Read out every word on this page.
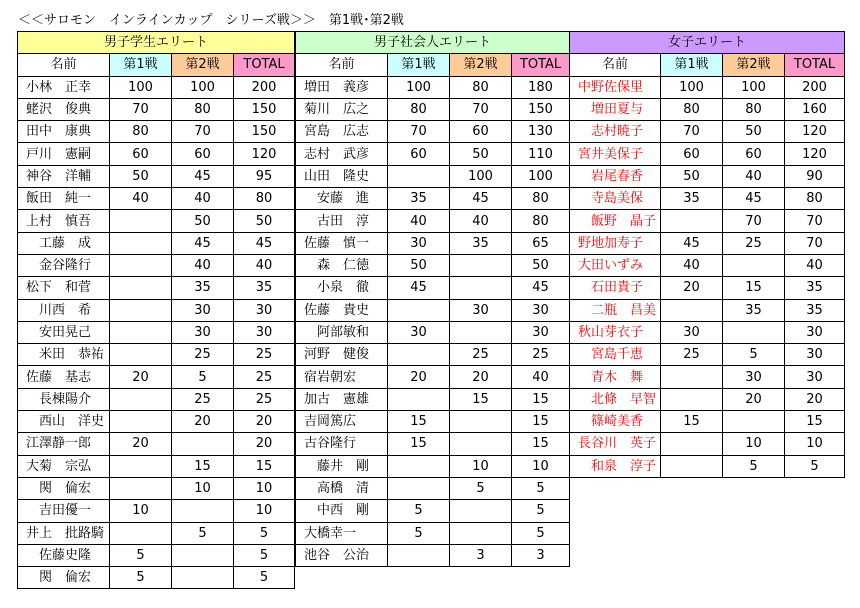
＜＜サロモン　インラインカップ　シリーズ戦＞＞　第1戦･第2戦
男子学生エリート			
名前	第1戦	第2戦	TOTAL
小林　正幸	100	100	200
蛯沢　俊典	70	80	150
田中　康典	80	70	150
戸川　憲嗣	60	60	120
神谷　洋輔	50	45	95
飯田　純一	40	40	80
上村　慎吾		50	50
　工藤　成		45	45
　金谷隆行		40	40
松下　和菅		35	35
　川西　希		30	30
　安田晃己		30	30
　米田　恭祐		25	25
佐藤　基志	20	5	25
　長棟陽介		25	25
　西山　洋史		20	20
江澤静一郎	20		20
大菊　宗弘		15	15
　関　倫宏		10	10
　吉田優一	10		10
井上　批路騎		5	5
　佐藤史隆	5		5
　関　倫宏	5		5
男子社会人エリート			
名前	第1戦	第2戦	TOTAL
増田　義彦	100	80	180
菊川　広之	80	70	150
宮島　広志	70	60	130
志村　武彦	60	50	110
山田　隆史		100	100
　安藤　進	35	45	80
　古田　淳	40	40	80
佐藤　慎一	30	35	65
　森　仁徳	50		50
　小泉　徹	45		45
佐藤　貴史		30	30
　阿部敏和	30		30
河野　健俊		25	25
宿岩朝宏	20	20	40
加古　憲雄		15	15
吉岡篤広	15		15
古谷隆行	15		15
　藤井　剛		10	10
　高橋　清		5	5
　中西　剛	5		5
大橋幸一	5		5
池谷　公治		3	3
女子エリート			
名前	第1戦	第2戦	TOTAL
中野佐保里	100	100	200
　増田夏与	80	80	160
　志村暁子	70	50	120
宮井美保子	60	60	120
　岩尾春香	50	40	90
　寺島美保	35	45	80
　飯野　晶子		70	70
野地加寿子	45	25	70
大田いずみ	40		40
　石田貴子	20	15	35
　二瓶　昌美		35	35
秋山芽衣子	30		30
　宮島千恵	25	5	30
　青木　舞		30	30
　北條　早智		20	20
　篠崎美香	15		15
長谷川　英子		10	10
　和泉　淳子		5	5
